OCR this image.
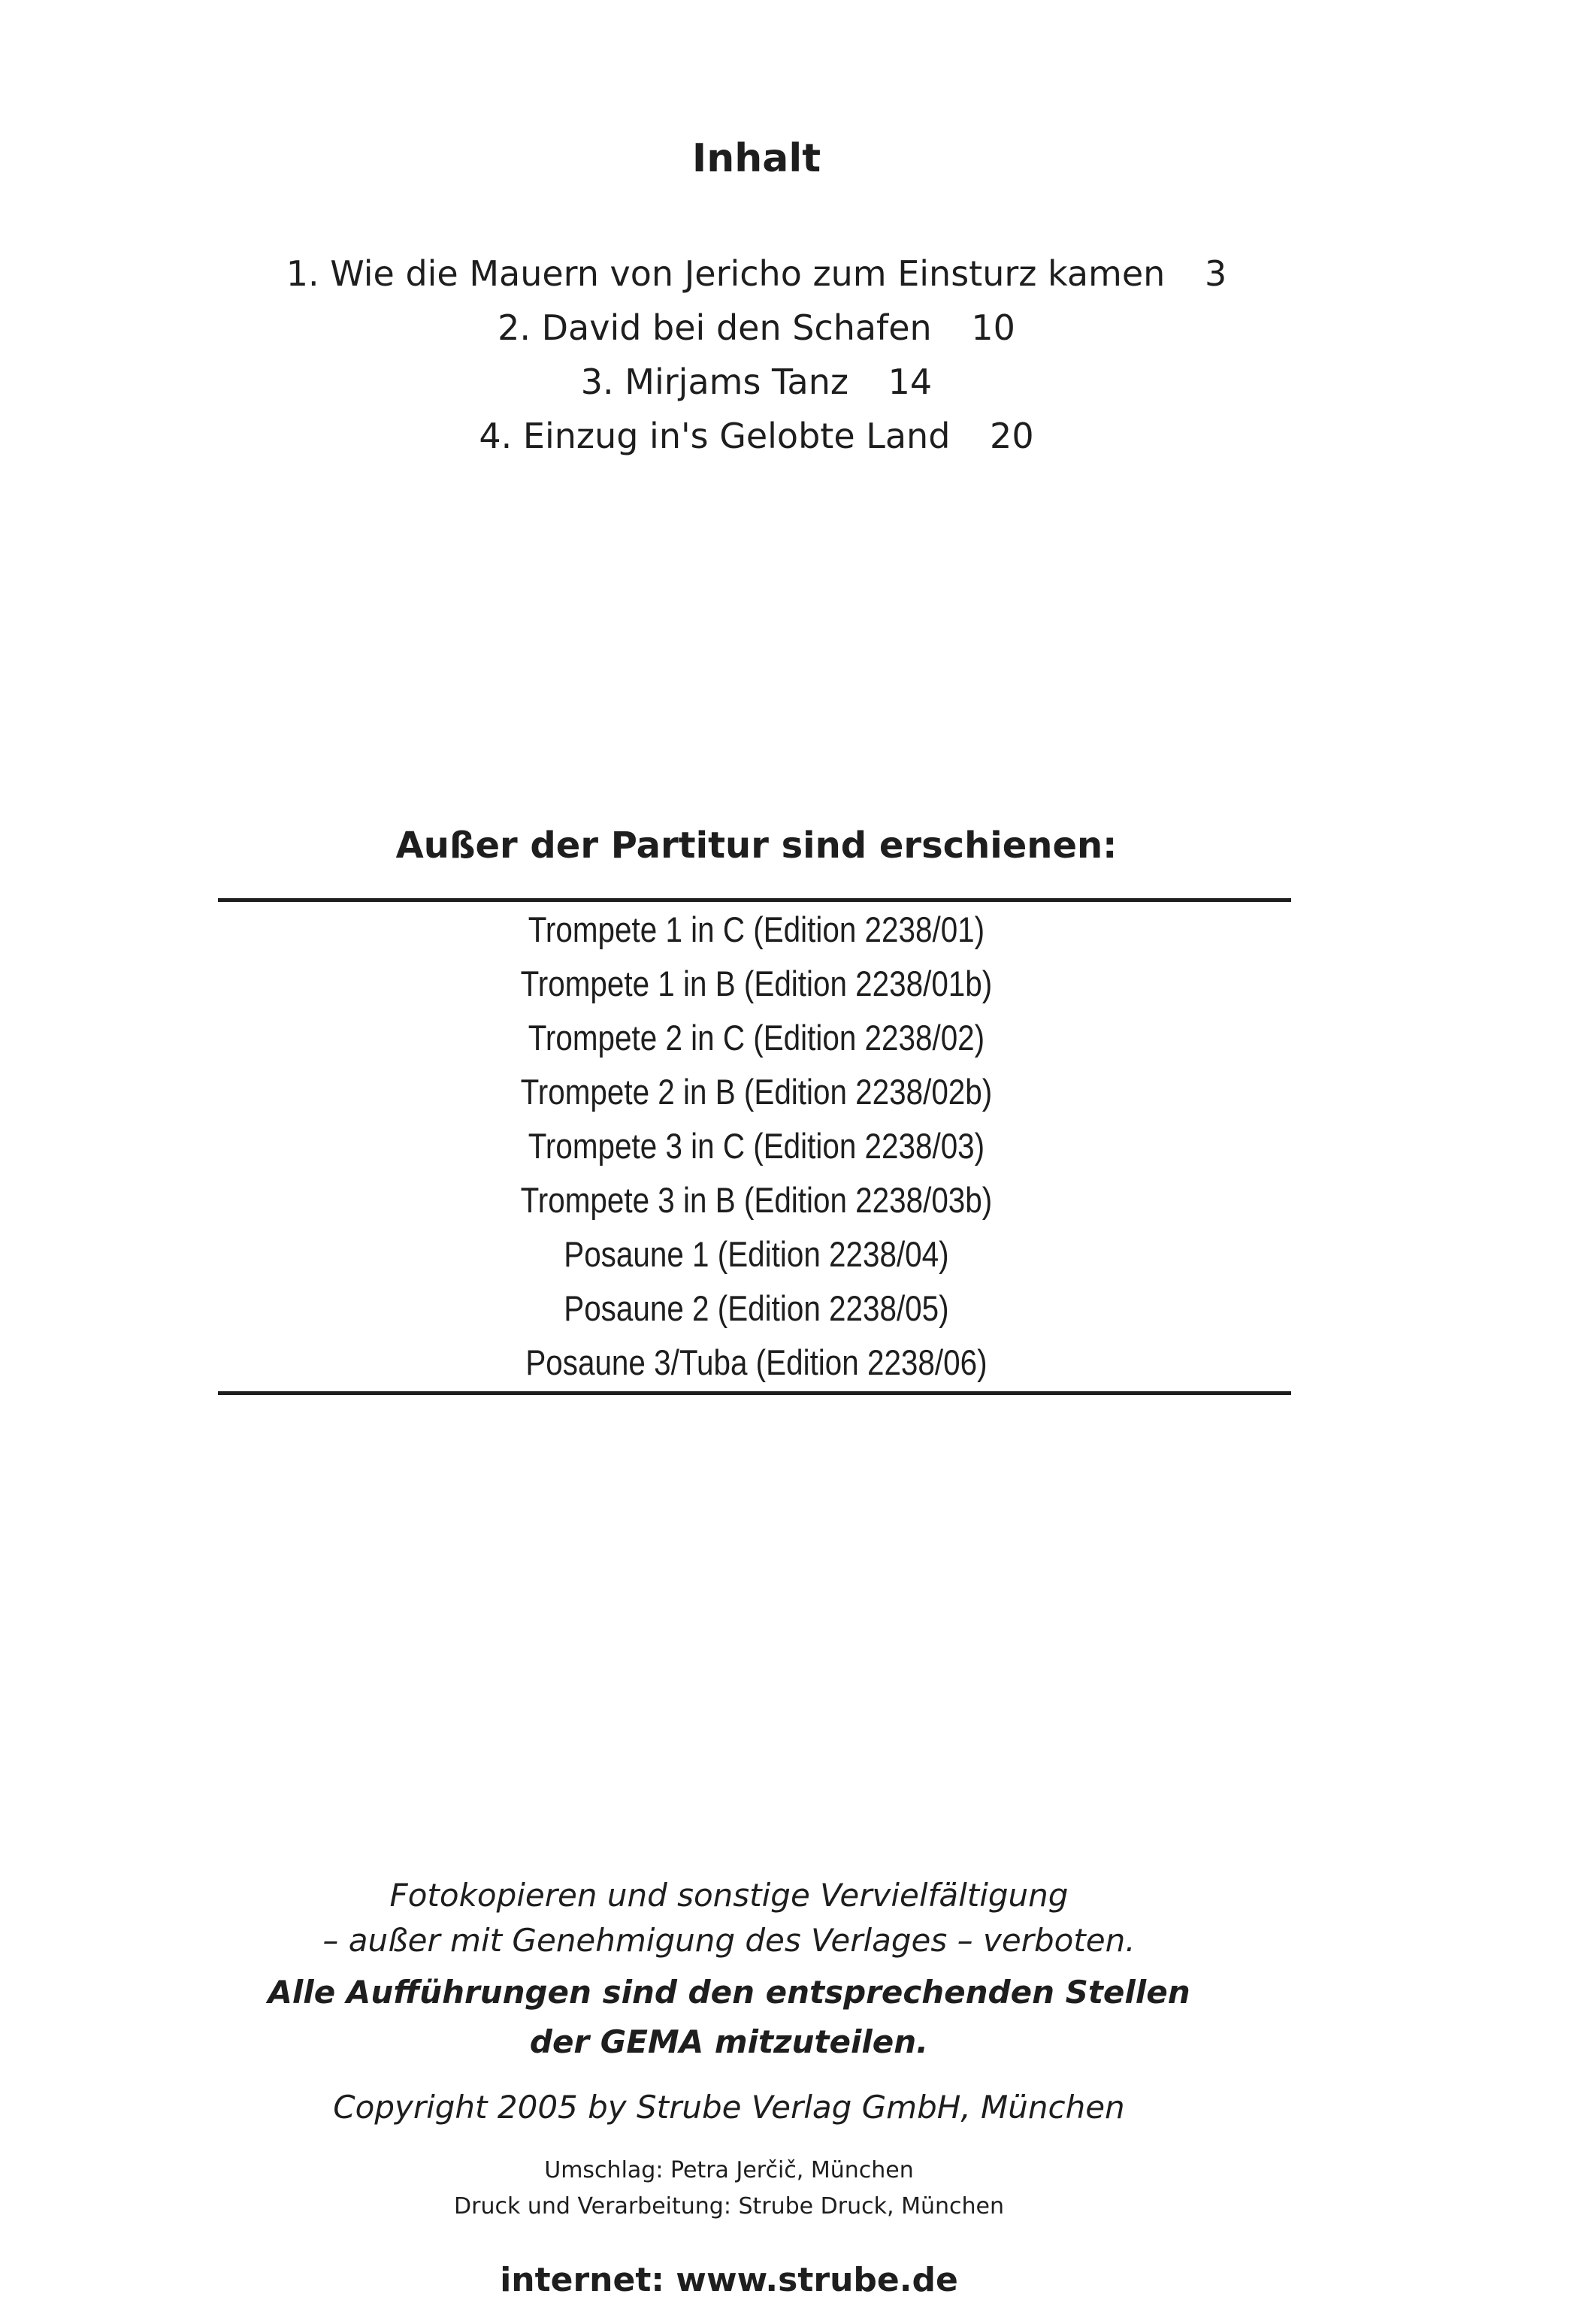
Inhalt
1. Wie die Mauern von Jericho zum Einsturz kamen 3
2. David bei den Schafen 10
3. Mirjams Tanz 14
4. Einzug in's Gelobte Land 20
Außer der Partitur sind erschienen:
Trompete 1 in C (Edition 2238/01)
Trompete 1 in B (Edition 2238/01b)
Trompete 2 in C (Edition 2238/02)
Trompete 2 in B (Edition 2238/02b)
Trompete 3 in C (Edition 2238/03)
Trompete 3 in B (Edition 2238/03b)
Posaune 1 (Edition 2238/04)
Posaune 2 (Edition 2238/05)
Posaune 3/Tuba (Edition 2238/06)
Fotokopieren und sonstige Vervielfältigung
– außer mit Genehmigung des Verlages – verboten.
Alle Aufführungen sind den entsprechenden Stellen
der GEMA mitzuteilen.
Copyright 2005 by Strube Verlag GmbH, München
Umschlag: Petra Jerčič, München
Druck und Verarbeitung: Strube Druck, München
internet: www.strube.de
